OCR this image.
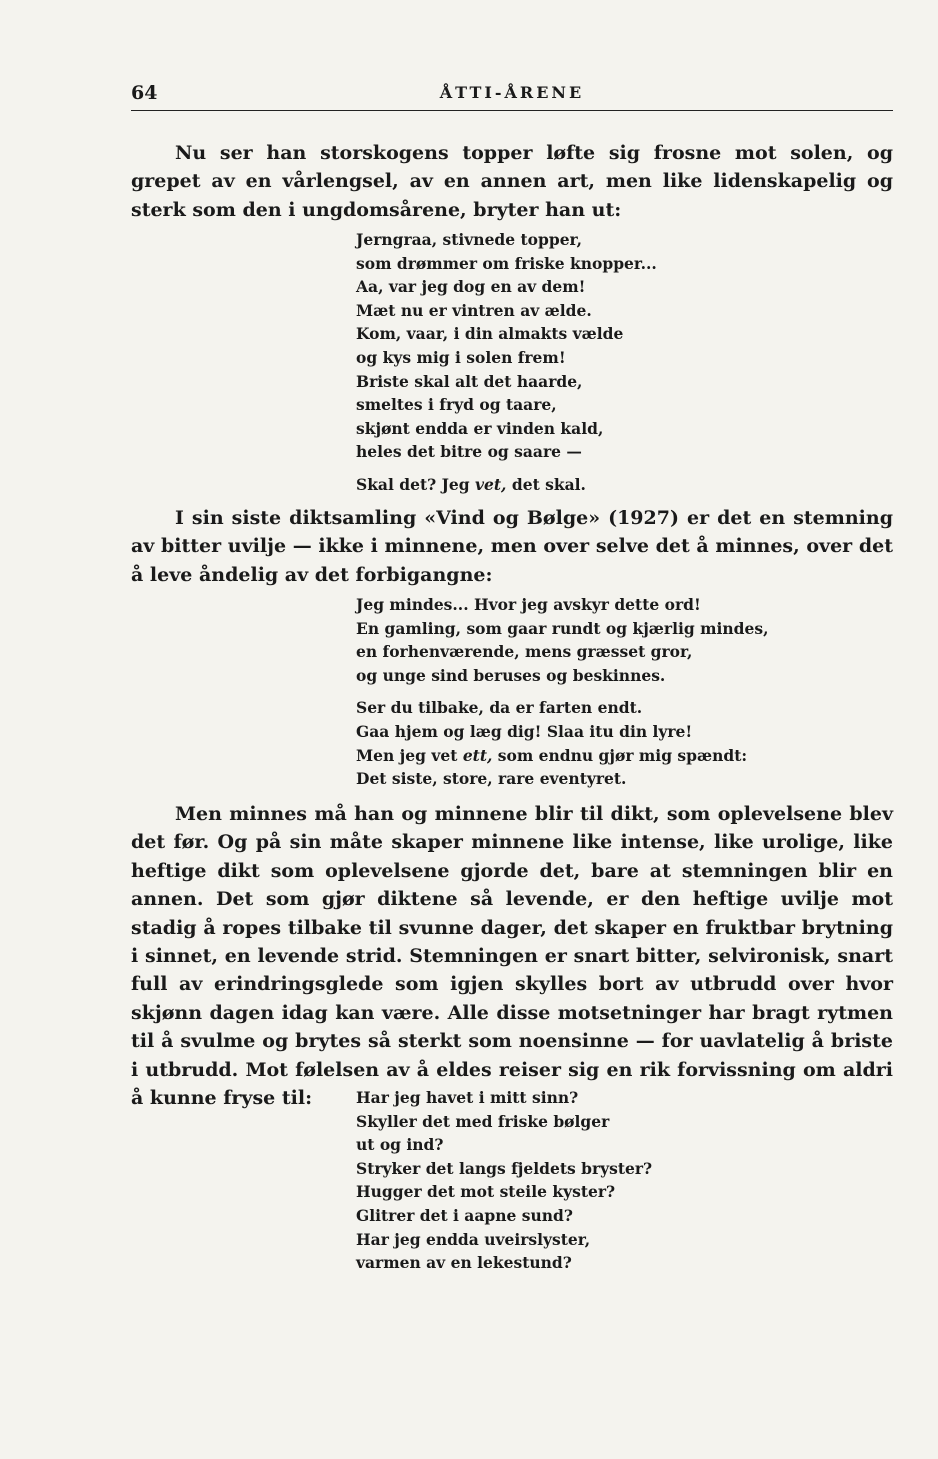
64	ÅTTI-ÅRENE

Nu ser han storskogens topper løfte sig frosne mot solen, og grepet av en vårlengsel, av en annen art, men like lidenskapelig og sterk som den i ungdomsårene, bryter han ut:

Jerngraa, stivnede topper,
som drømmer om friske knopper...
Aa, var jeg dog en av dem!
Mæt nu er vintren av ælde.
Kom, vaar, i din almakts vælde
og kys mig i solen frem!
Briste skal alt det haarde,
smeltes i fryd og taare,
skjønt endda er vinden kald,
heles det bitre og saare —
Skal det? Jeg vet, det skal.

I sin siste diktsamling «Vind og Bølge» (1927) er det en stemning av bitter uvilje — ikke i minnene, men over selve det å minnes, over det å leve åndelig av det forbigangne:

Jeg mindes... Hvor jeg avskyr dette ord!
En gamling, som gaar rundt og kjærlig mindes,
en forhenværende, mens græsset gror,
og unge sind beruses og beskinnes.
Ser du tilbake, da er farten endt.
Gaa hjem og læg dig! Slaa itu din lyre!
Men jeg vet ett, som endnu gjør mig spændt:
Det siste, store, rare eventyret.

Men minnes må han og minnene blir til dikt, som oplevelsene blev det før. Og på sin måte skaper minnene like intense, like urolige, like heftige dikt som oplevelsene gjorde det, bare at stemningen blir en annen. Det som gjør diktene så levende, er den heftige uvilje mot stadig å ropes tilbake til svunne dager, det skaper en fruktbar brytning i sinnet, en levende strid. Stemningen er snart bitter, selvironisk, snart full av erindringsglede som igjen skylles bort av utbrudd over hvor skjønn dagen idag kan være. Alle disse motsetninger har bragt rytmen til å svulme og brytes så sterkt som noensinne — for uavlatelig å briste i utbrudd. Mot følelsen av å eldes reiser sig en rik forvissning om aldri å kunne fryse til:	Har jeg havet i mitt sinn?
Skyller det med friske bølger
ut og ind?
Stryker det langs fjeldets bryster?
Hugger det mot steile kyster?
Glitrer det i aapne sund?
Har jeg endda uveirslyster,
varmen av en lekestund?
